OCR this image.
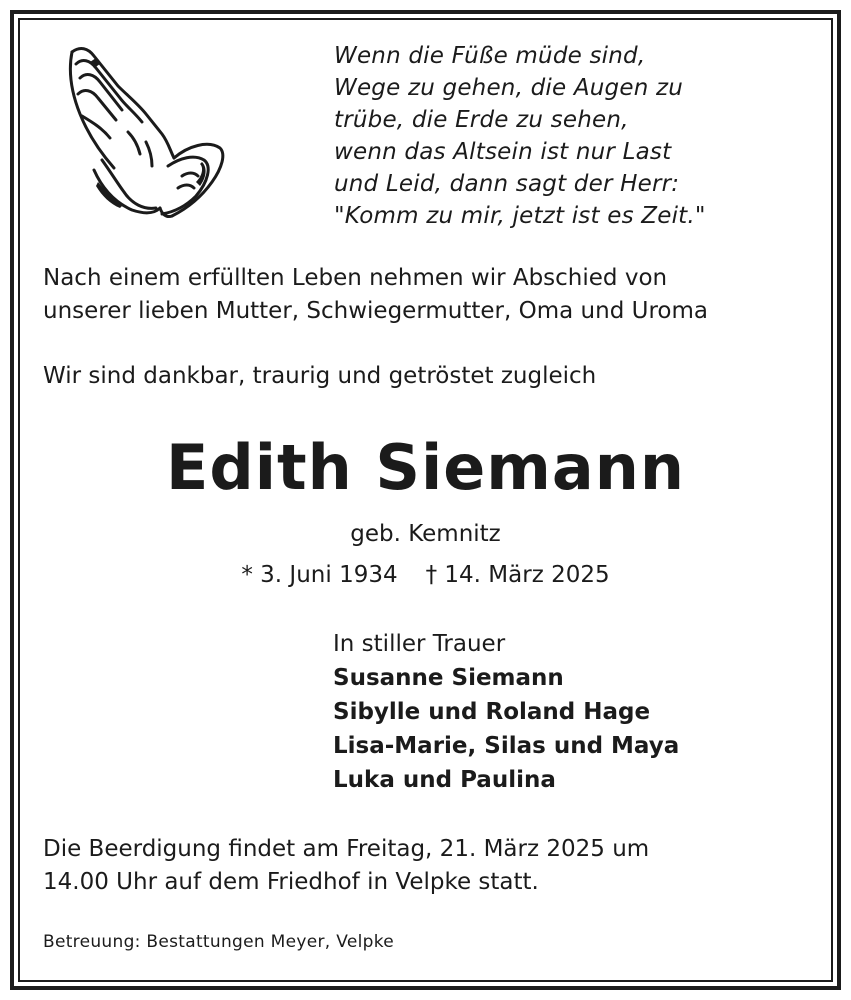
Wenn die Füße müde sind,
Wege zu gehen, die Augen zu
trübe, die Erde zu sehen,
wenn das Altsein ist nur Last
und Leid, dann sagt der Herr:
"Komm zu mir, jetzt ist es Zeit."
Nach einem erfüllten Leben nehmen wir Abschied von
unserer lieben Mutter, Schwiegermutter, Oma und Uroma
Wir sind dankbar, traurig und getröstet zugleich
Edith Siemann
geb. Kemnitz
* 3. Juni 1934 † 14. März 2025
In stiller Trauer
Susanne Siemann
Sibylle und Roland Hage
Lisa-Marie, Silas und Maya
Luka und Paulina
Die Beerdigung findet am Freitag, 21. März 2025 um
14.00 Uhr auf dem Friedhof in Velpke statt.
Betreuung: Bestattungen Meyer, Velpke
